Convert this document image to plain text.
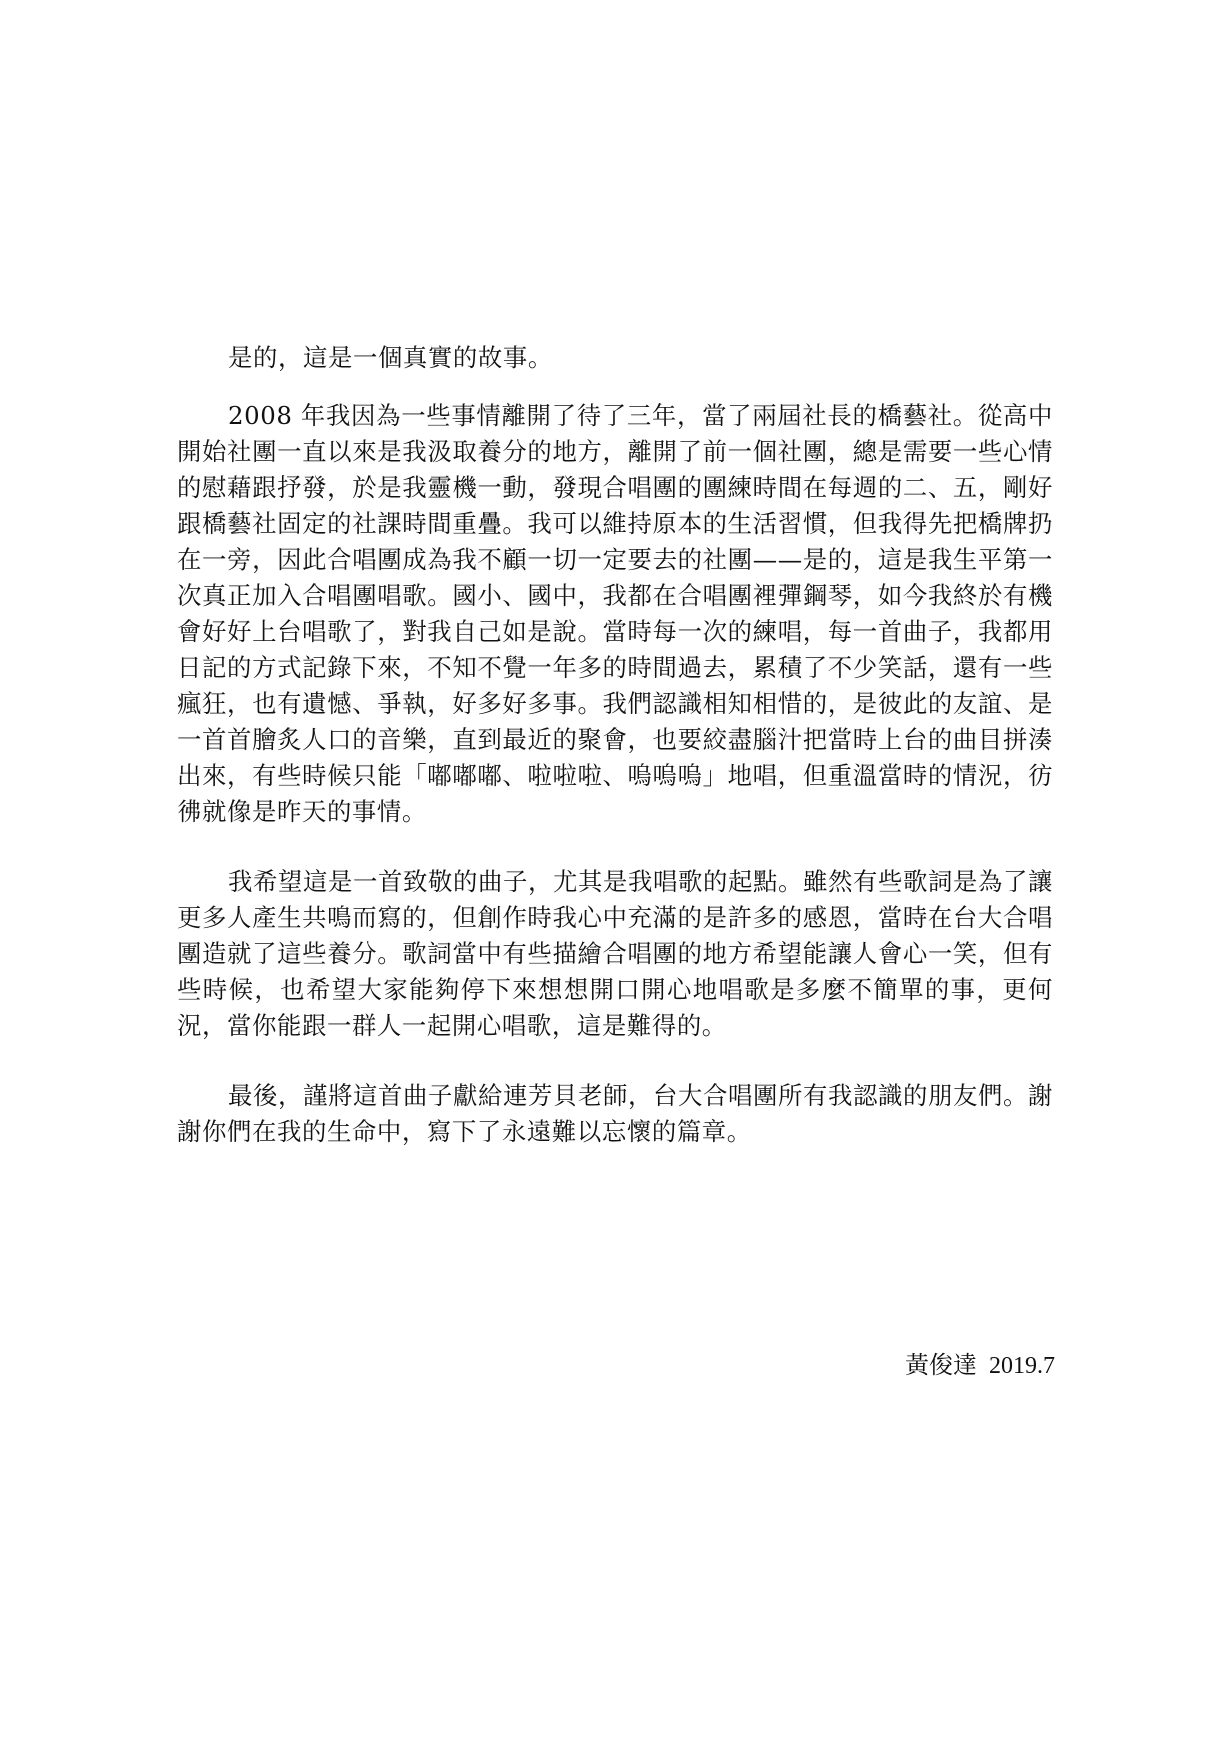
是的，這是一個真實的故事。

2008 年我因為一些事情離開了待了三年，當了兩屆社長的橋藝社。從高中開始社團一直以來是我汲取養分的地方，離開了前一個社團，總是需要一些心情的慰藉跟抒發，於是我靈機一動，發現合唱團的團練時間在每週的二、五，剛好跟橋藝社固定的社課時間重疊。我可以維持原本的生活習慣，但我得先把橋牌扔在一旁，因此合唱團成為我不顧一切一定要去的社團——是的，這是我生平第一次真正加入合唱團唱歌。國小、國中，我都在合唱團裡彈鋼琴，如今我終於有機會好好上台唱歌了，對我自己如是說。當時每一次的練唱，每一首曲子，我都用日記的方式記錄下來，不知不覺一年多的時間過去，累積了不少笑話，還有一些瘋狂，也有遺憾、爭執，好多好多事。我們認識相知相惜的，是彼此的友誼、是一首首膾炙人口的音樂，直到最近的聚會，也要絞盡腦汁把當時上台的曲目拼湊出來，有些時候只能「嘟嘟嘟、啦啦啦、嗚嗚嗚」地唱，但重溫當時的情況，彷彿就像是昨天的事情。

我希望這是一首致敬的曲子，尤其是我唱歌的起點。雖然有些歌詞是為了讓更多人產生共鳴而寫的，但創作時我心中充滿的是許多的感恩，當時在台大合唱團造就了這些養分。歌詞當中有些描繪合唱團的地方希望能讓人會心一笑，但有些時候，也希望大家能夠停下來想想開口開心地唱歌是多麼不簡單的事，更何況，當你能跟一群人一起開心唱歌，這是難得的。

最後，謹將這首曲子獻給連芳貝老師，台大合唱團所有我認識的朋友們。謝謝你們在我的生命中，寫下了永遠難以忘懷的篇章。

黃俊達 2019.7
